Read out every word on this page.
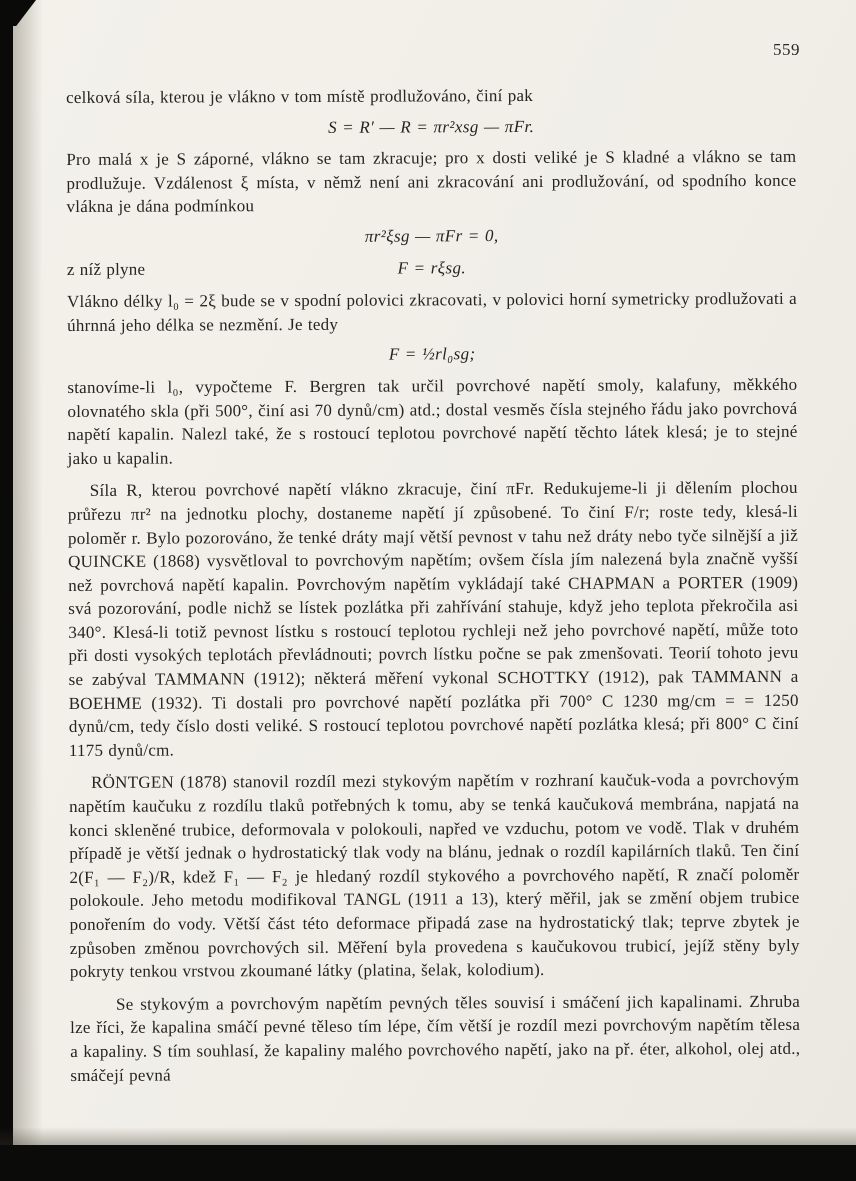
559

celková síla, kterou je vlákno v tom místě prodlužováno, činí pak

S = R′ — R = πr²xsg — πFr.

Pro malá x je S záporné, vlákno se tam zkracuje; pro x dosti veliké je S kladné a vlákno se tam prodlužuje. Vzdálenost ξ místa, v němž není ani zkracování ani prodlužování, od spodního konce vlákna je dána podmínkou

πr²ξsg — πFr = 0,
z níž plyne	F = rξsg.

Vlákno délky l₀ = 2ξ bude se v spodní polovici zkracovati, v polovici horní symetricky prodlužovati a úhrnná jeho délka se nezmění. Je tedy

F = ½rl₀sg;

stanovíme-li l₀, vypočteme F. Bergren tak určil povrchové napětí smoly, kalafuny, měkkého olovnatého skla (při 500°, činí asi 70 dynů/cm) atd.; dostal vesměs čísla stejného řádu jako povrchová napětí kapalin. Nalezl také, že s rostoucí teplotou povrchové napětí těchto látek klesá; je to stejné jako u kapalin.

Síla R, kterou povrchové napětí vlákno zkracuje, činí πFr. Redukujeme-li ji dělením plochou průřezu πr² na jednotku plochy, dostaneme napětí jí způsobené. To činí F/r; roste tedy, klesá-li poloměr r. Bylo pozorováno, že tenké dráty mají větší pevnost v tahu než dráty nebo tyče silnější a již QUINCKE (1868) vysvětloval to povrchovým napětím; ovšem čísla jím nalezená byla značně vyšší než povrchová napětí kapalin. Povrchovým napětím vykládají také CHAPMAN a PORTER (1909) svá pozorování, podle nichž se lístek pozlátka při zahřívání stahuje, když jeho teplota překročila asi 340°. Klesá-li totiž pevnost lístku s rostoucí teplotou rychleji než jeho povrchové napětí, může toto při dosti vysokých teplotách převládnouti; povrch lístku počne se pak zmenšovati. Teorií tohoto jevu se zabýval TAMMANN (1912); některá měření vykonal SCHOTTKY (1912), pak TAMMANN a BOEHME (1932). Ti dostali pro povrchové napětí pozlátka při 700° C 1230 mg/cm = = 1250 dynů/cm, tedy číslo dosti veliké. S rostoucí teplotou povrchové napětí pozlátka klesá; při 800° C činí 1175 dynů/cm.

RÖNTGEN (1878) stanovil rozdíl mezi stykovým napětím v rozhraní kaučuk-voda a povrchovým napětím kaučuku z rozdílu tlaků potřebných k tomu, aby se tenká kaučuková membrána, napjatá na konci skleněné trubice, deformovala v polokouli, napřed ve vzduchu, potom ve vodě. Tlak v druhém případě je větší jednak o hydrostatický tlak vody na blánu, jednak o rozdíl kapilárních tlaků. Ten činí 2(F₁ — F₂)/R, kdež F₁ — F₂ je hledaný rozdíl stykového a povrchového napětí, R značí poloměr polokoule. Jeho metodu modifikoval TANGL (1911 a 13), který měřil, jak se změní objem trubice ponořením do vody. Větší část této deformace připadá zase na hydrostatický tlak; teprve zbytek je způsoben změnou povrchových sil. Měření byla provedena s kaučukovou trubicí, jejíž stěny byly pokryty tenkou vrstvou zkoumané látky (platina, šelak, kolodium).

Se stykovým a povrchovým napětím pevných těles souvisí i smáčení jich kapalinami. Zhruba lze říci, že kapalina smáčí pevné těleso tím lépe, čím větší je rozdíl mezi povrchovým napětím tělesa a kapaliny. S tím souhlasí, že kapaliny malého povrchového napětí, jako na př. éter, alkohol, olej atd., smáčejí pevná
